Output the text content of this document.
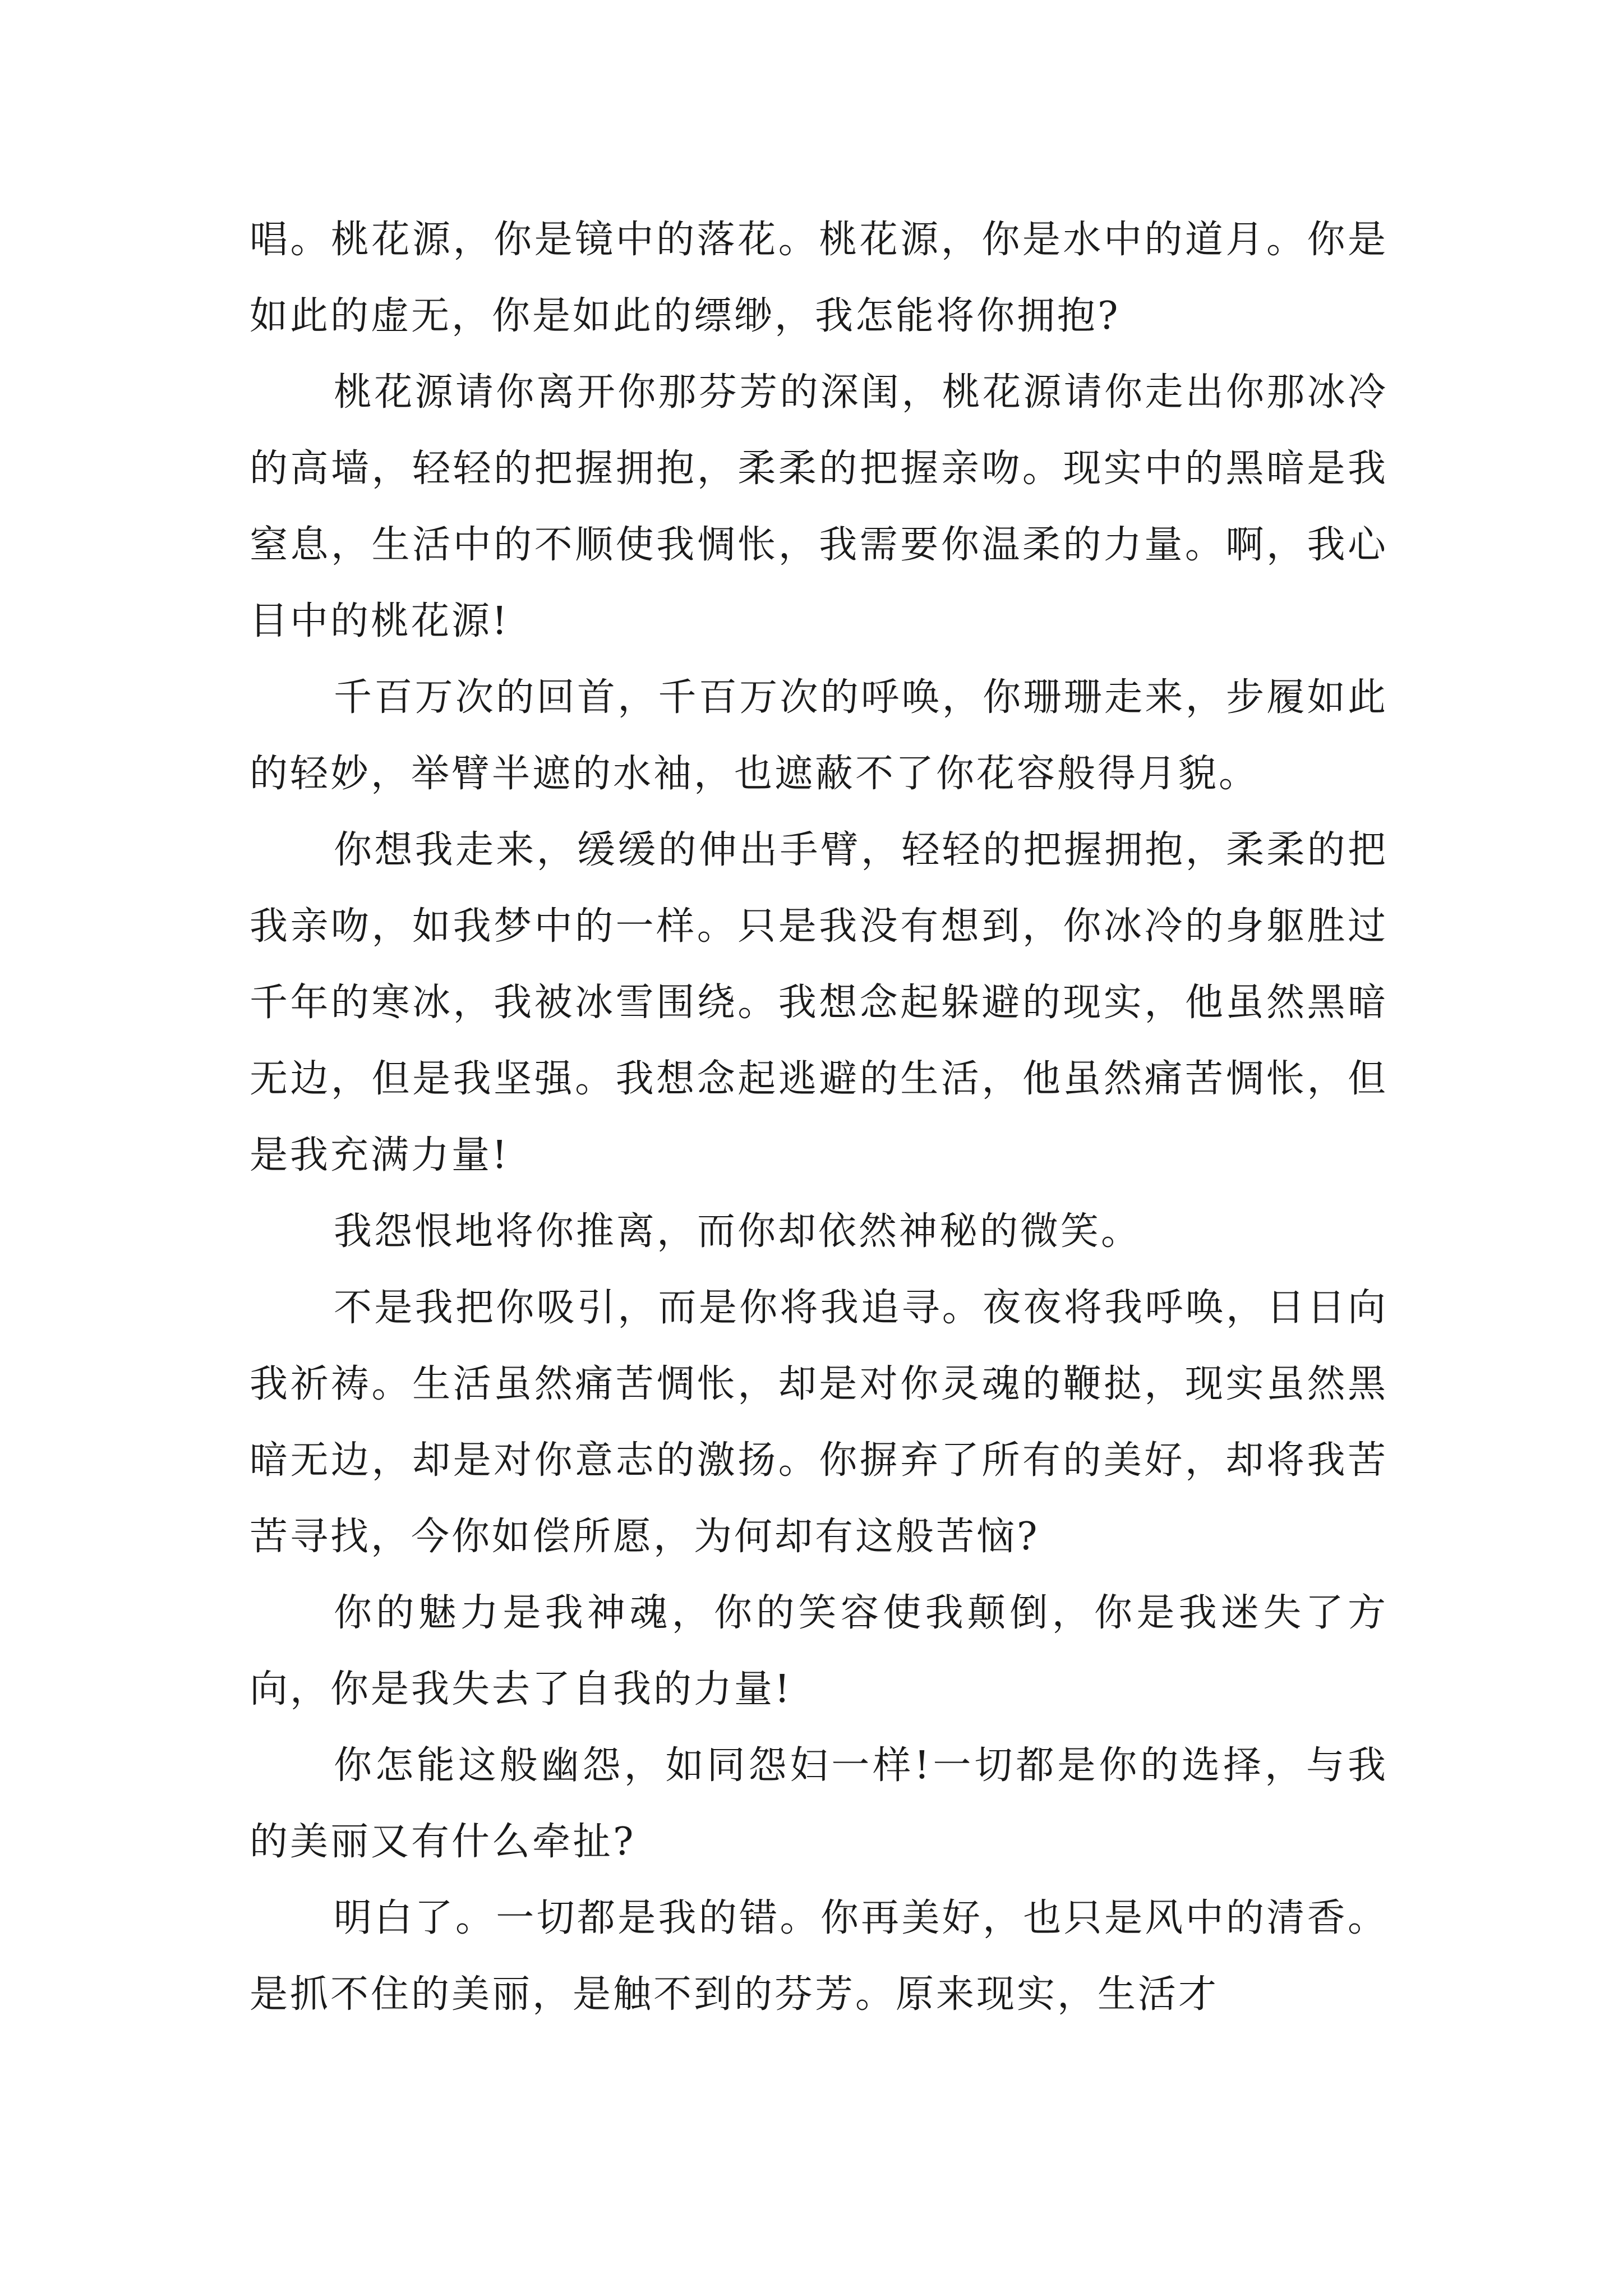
唱。桃花源，你是镜中的落花。桃花源，你是水中的道月。你是如此的虚无，你是如此的缥缈，我怎能将你拥抱?

桃花源请你离开你那芬芳的深闺，桃花源请你走出你那冰冷的高墙，轻轻的把握拥抱，柔柔的把握亲吻。现实中的黑暗是我窒息，生活中的不顺使我惆怅，我需要你温柔的力量。啊，我心目中的桃花源!

千百万次的回首，千百万次的呼唤，你珊珊走来，步履如此的轻妙，举臂半遮的水袖，也遮蔽不了你花容般得月貌。

你想我走来，缓缓的伸出手臂，轻轻的把握拥抱，柔柔的把我亲吻，如我梦中的一样。只是我没有想到，你冰冷的身躯胜过千年的寒冰，我被冰雪围绕。我想念起躲避的现实，他虽然黑暗无边，但是我坚强。我想念起逃避的生活，他虽然痛苦惆怅，但是我充满力量!

我怨恨地将你推离，而你却依然神秘的微笑。

不是我把你吸引，而是你将我追寻。夜夜将我呼唤，日日向我祈祷。生活虽然痛苦惆怅，却是对你灵魂的鞭挞，现实虽然黑暗无边，却是对你意志的激扬。你摒弃了所有的美好，却将我苦苦寻找，今你如偿所愿，为何却有这般苦恼?

你的魅力是我神魂，你的笑容使我颠倒，你是我迷失了方向，你是我失去了自我的力量!

你怎能这般幽怨，如同怨妇一样!一切都是你的选择，与我的美丽又有什么牵扯?

明白了。一切都是我的错。你再美好，也只是风中的清香。是抓不住的美丽，是触不到的芬芳。原来现实，生活才
